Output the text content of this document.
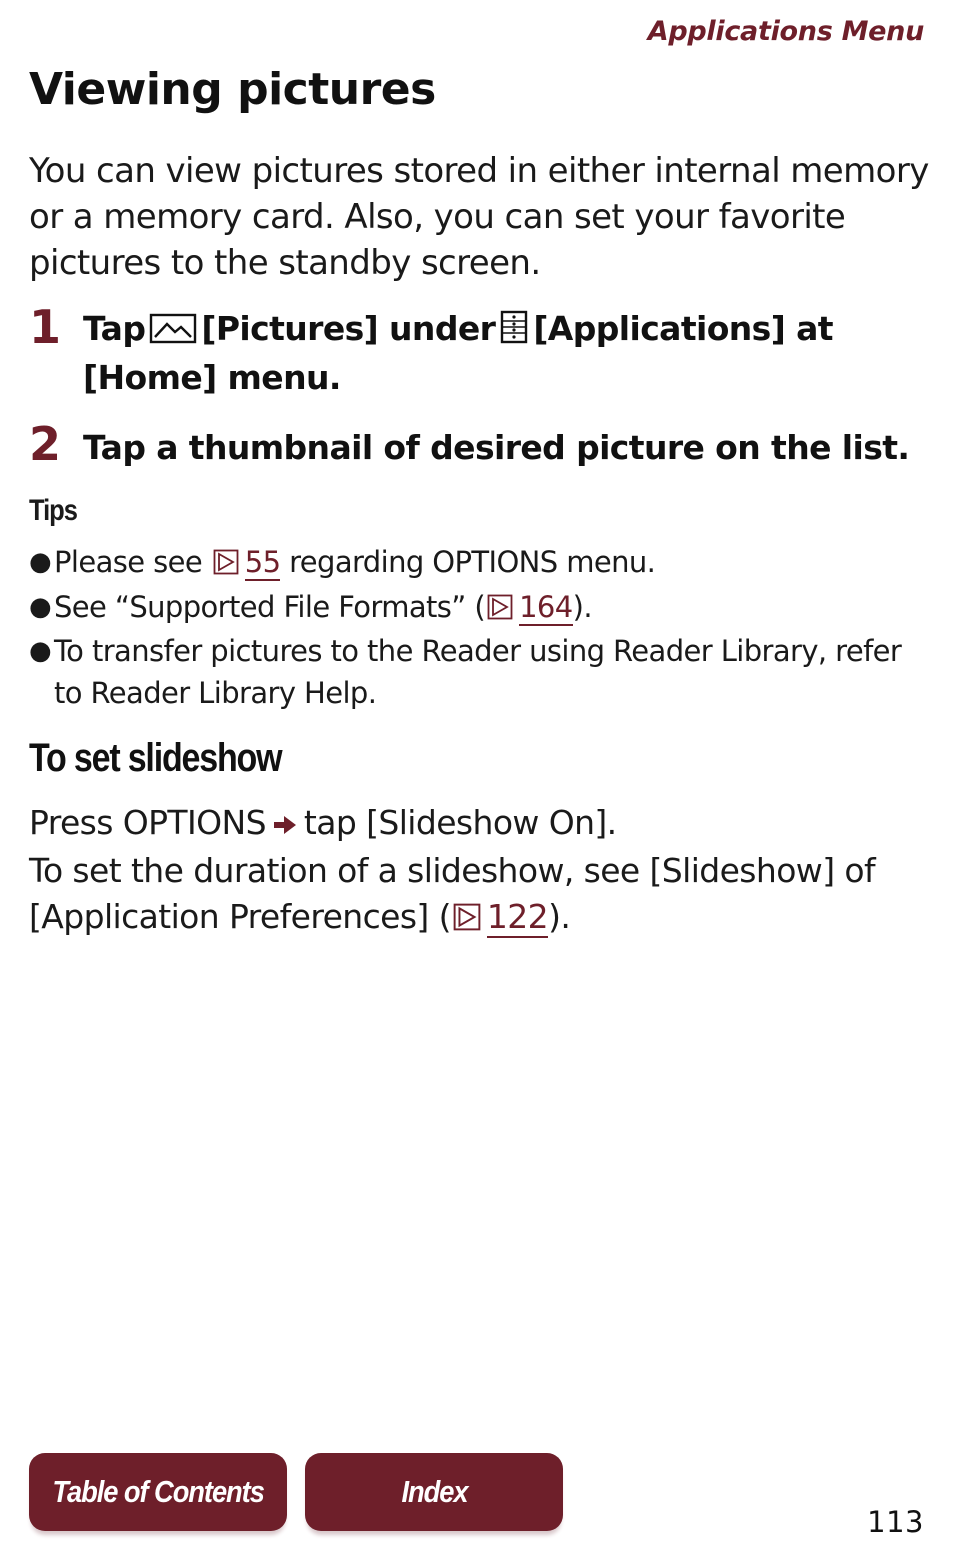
Applications Menu
Viewing pictures

You can view pictures stored in either internal memory or a memory card. Also, you can set your favorite pictures to the standby screen.

1 Tap [Pictures] under [Applications] at [Home] menu.
2 Tap a thumbnail of desired picture on the list.
Tips
● Please see 55 regarding OPTIONS menu.
● See “Supported File Formats” ( 164).
● To transfer pictures to the Reader using Reader Library, refer to Reader Library Help.
To set slideshow
Press OPTIONS tap [Slideshow On].
To set the duration of a slideshow, see [Slideshow] of [Application Preferences] ( 122).
Table of Contents	Index
113
